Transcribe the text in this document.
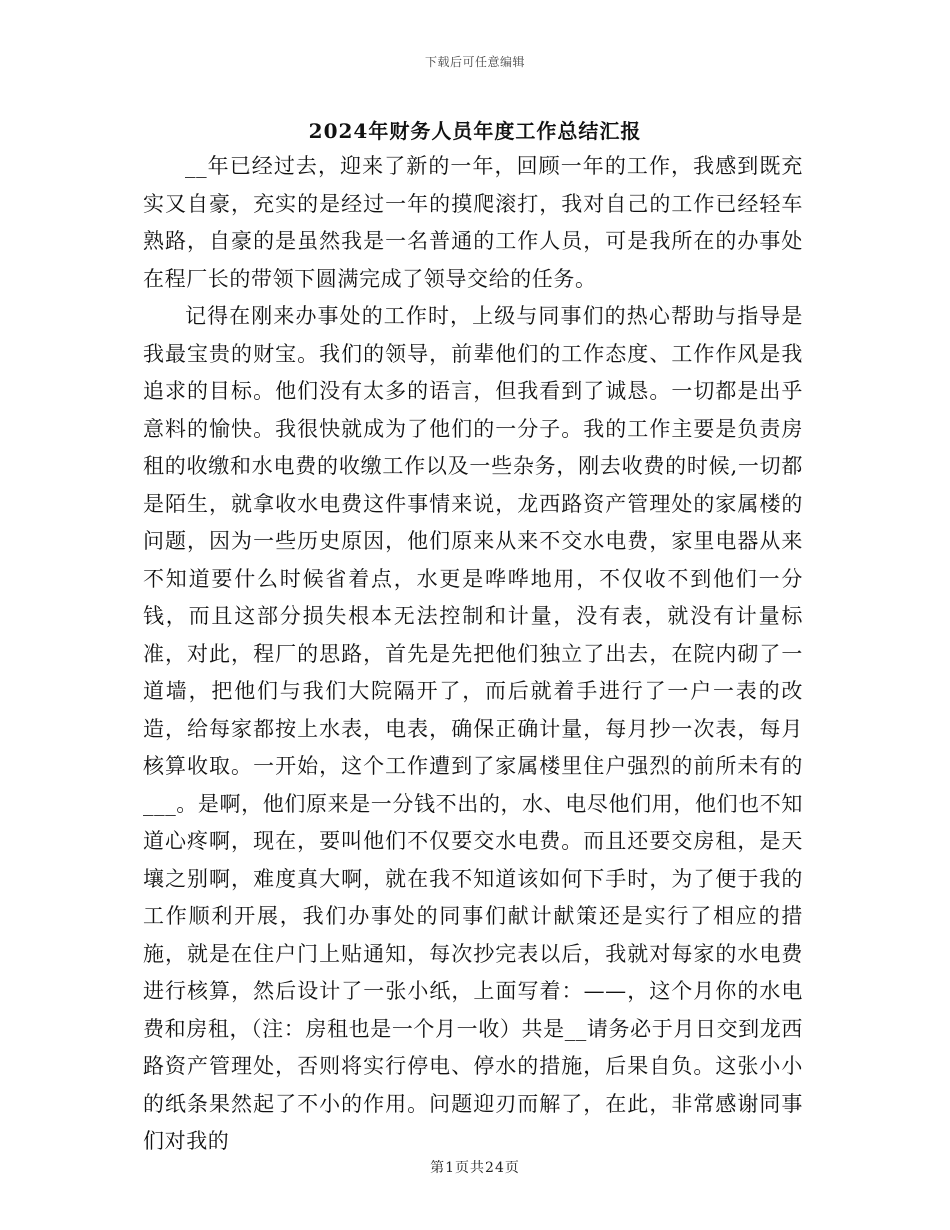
下载后可任意编辑
2024年财务人员年度工作总结汇报

__年已经过去，迎来了新的一年，回顾一年的工作，我感到既充实又自豪，充实的是经过一年的摸爬滚打，我对自己的工作已经轻车熟路，自豪的是虽然我是一名普通的工作人员，可是我所在的办事处在程厂长的带领下圆满完成了领导交给的任务。

记得在刚来办事处的工作时，上级与同事们的热心帮助与指导是我最宝贵的财宝。我们的领导，前辈他们的工作态度、工作作风是我追求的目标。他们没有太多的语言，但我看到了诚恳。一切都是出乎意料的愉快。我很快就成为了他们的一分子。我的工作主要是负责房租的收缴和水电费的收缴工作以及一些杂务，刚去收费的时候,一切都是陌生，就拿收水电费这件事情来说，龙西路资产管理处的家属楼的问题，因为一些历史原因，他们原来从来不交水电费，家里电器从来不知道要什么时候省着点，水更是哗哗地用，不仅收不到他们一分钱，而且这部分损失根本无法控制和计量，没有表，就没有计量标准，对此，程厂的思路，首先是先把他们独立了出去，在院内砌了一道墙，把他们与我们大院隔开了，而后就着手进行了一户一表的改造，给每家都按上水表，电表，确保正确计量，每月抄一次表，每月核算收取。一开始，这个工作遭到了家属楼里住户强烈的前所未有的___。是啊，他们原来是一分钱不出的，水、电尽他们用，他们也不知道心疼啊，现在，要叫他们不仅要交水电费。而且还要交房租，是天壤之别啊，难度真大啊，就在我不知道该如何下手时，为了便于我的工作顺利开展，我们办事处的同事们献计献策还是实行了相应的措施，就是在住户门上贴通知，每次抄完表以后，我就对每家的水电费进行核算，然后设计了一张小纸，上面写着：——，这个月你的水电费和房租，（注：房租也是一个月一收）共是__请务必于月日交到龙西路资产管理处，否则将实行停电、停水的措施，后果自负。这张小小的纸条果然起了不小的作用。问题迎刃而解了，在此，非常感谢同事们对我的

第1页共24页
